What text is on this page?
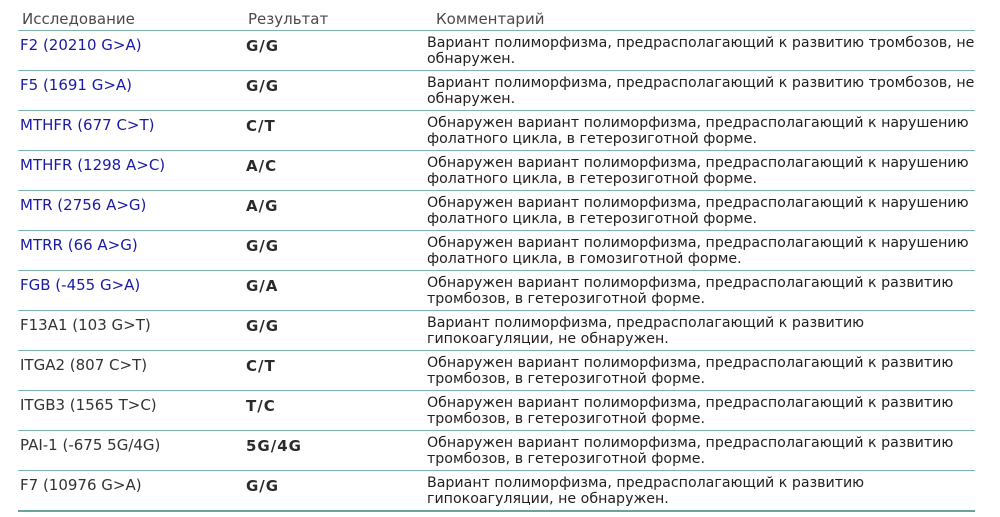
Исследование	Результат	Комментарий
F2 (20210 G>A)	G/G	Вариант полиморфизма, предрасполагающий к развитию тромбозов, не обнаружен.
F5 (1691 G>A)	G/G	Вариант полиморфизма, предрасполагающий к развитию тромбозов, не обнаружен.
MTHFR (677 C>T)	C/T	Обнаружен вариант полиморфизма, предрасполагающий к нарушению фолатного цикла, в гетерозиготной форме.
MTHFR (1298 A>C)	A/C	Обнаружен вариант полиморфизма, предрасполагающий к нарушению фолатного цикла, в гетерозиготной форме.
MTR (2756 A>G)	A/G	Обнаружен вариант полиморфизма, предрасполагающий к нарушению фолатного цикла, в гетерозиготной форме.
MTRR (66 A>G)	G/G	Обнаружен вариант полиморфизма, предрасполагающий к нарушению фолатного цикла, в гомозиготной форме.
FGB (-455 G>A)	G/A	Обнаружен вариант полиморфизма, предрасполагающий к развитию тромбозов, в гетерозиготной форме.
F13A1 (103 G>T)	G/G	Вариант полиморфизма, предрасполагающий к развитию гипокоагуляции, не обнаружен.
ITGA2 (807 C>T)	C/T	Обнаружен вариант полиморфизма, предрасполагающий к развитию тромбозов, в гетерозиготной форме.
ITGB3 (1565 T>C)	T/C	Обнаружен вариант полиморфизма, предрасполагающий к развитию тромбозов, в гетерозиготной форме.
PAI-1 (-675 5G/4G)	5G/4G	Обнаружен вариант полиморфизма, предрасполагающий к развитию тромбозов, в гетерозиготной форме.
F7 (10976 G>A)	G/G	Вариант полиморфизма, предрасполагающий к развитию гипокоагуляции, не обнаружен.
